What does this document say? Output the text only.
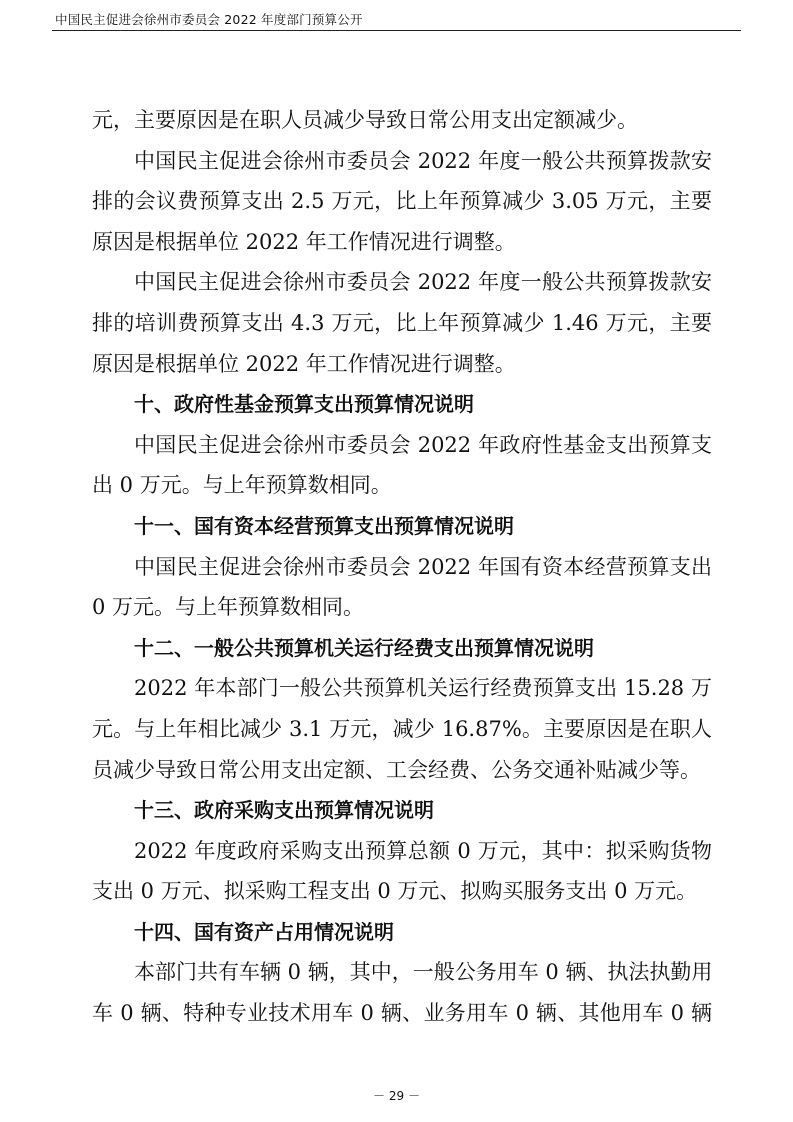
中国民主促进会徐州市委员会 2022 年度部门预算公开
元，主要原因是在职人员减少导致日常公用支出定额减少。
中国民主促进会徐州市委员会 2022 年度一般公共预算拨款安
排的会议费预算支出 2.5 万元，比上年预算减少 3.05 万元，主要
原因是根据单位 2022 年工作情况进行调整。
中国民主促进会徐州市委员会 2022 年度一般公共预算拨款安
排的培训费预算支出 4.3 万元，比上年预算减少 1.46 万元，主要
原因是根据单位 2022 年工作情况进行调整。
十、政府性基金预算支出预算情况说明
中国民主促进会徐州市委员会 2022 年政府性基金支出预算支
出 0 万元。与上年预算数相同。
十一、国有资本经营预算支出预算情况说明
中国民主促进会徐州市委员会 2022 年国有资本经营预算支出
0 万元。与上年预算数相同。
十二、一般公共预算机关运行经费支出预算情况说明
2022 年本部门一般公共预算机关运行经费预算支出 15.28 万
元。与上年相比减少 3.1 万元，减少 16.87%。主要原因是在职人
员减少导致日常公用支出定额、工会经费、公务交通补贴减少等。
十三、政府采购支出预算情况说明
2022 年度政府采购支出预算总额 0 万元，其中：拟采购货物
支出 0 万元、拟采购工程支出 0 万元、拟购买服务支出 0 万元。
十四、国有资产占用情况说明
本部门共有车辆 0 辆，其中，一般公务用车 0 辆、执法执勤用
车 0 辆、特种专业技术用车 0 辆、业务用车 0 辆、其他用车 0 辆
－ 29 －
